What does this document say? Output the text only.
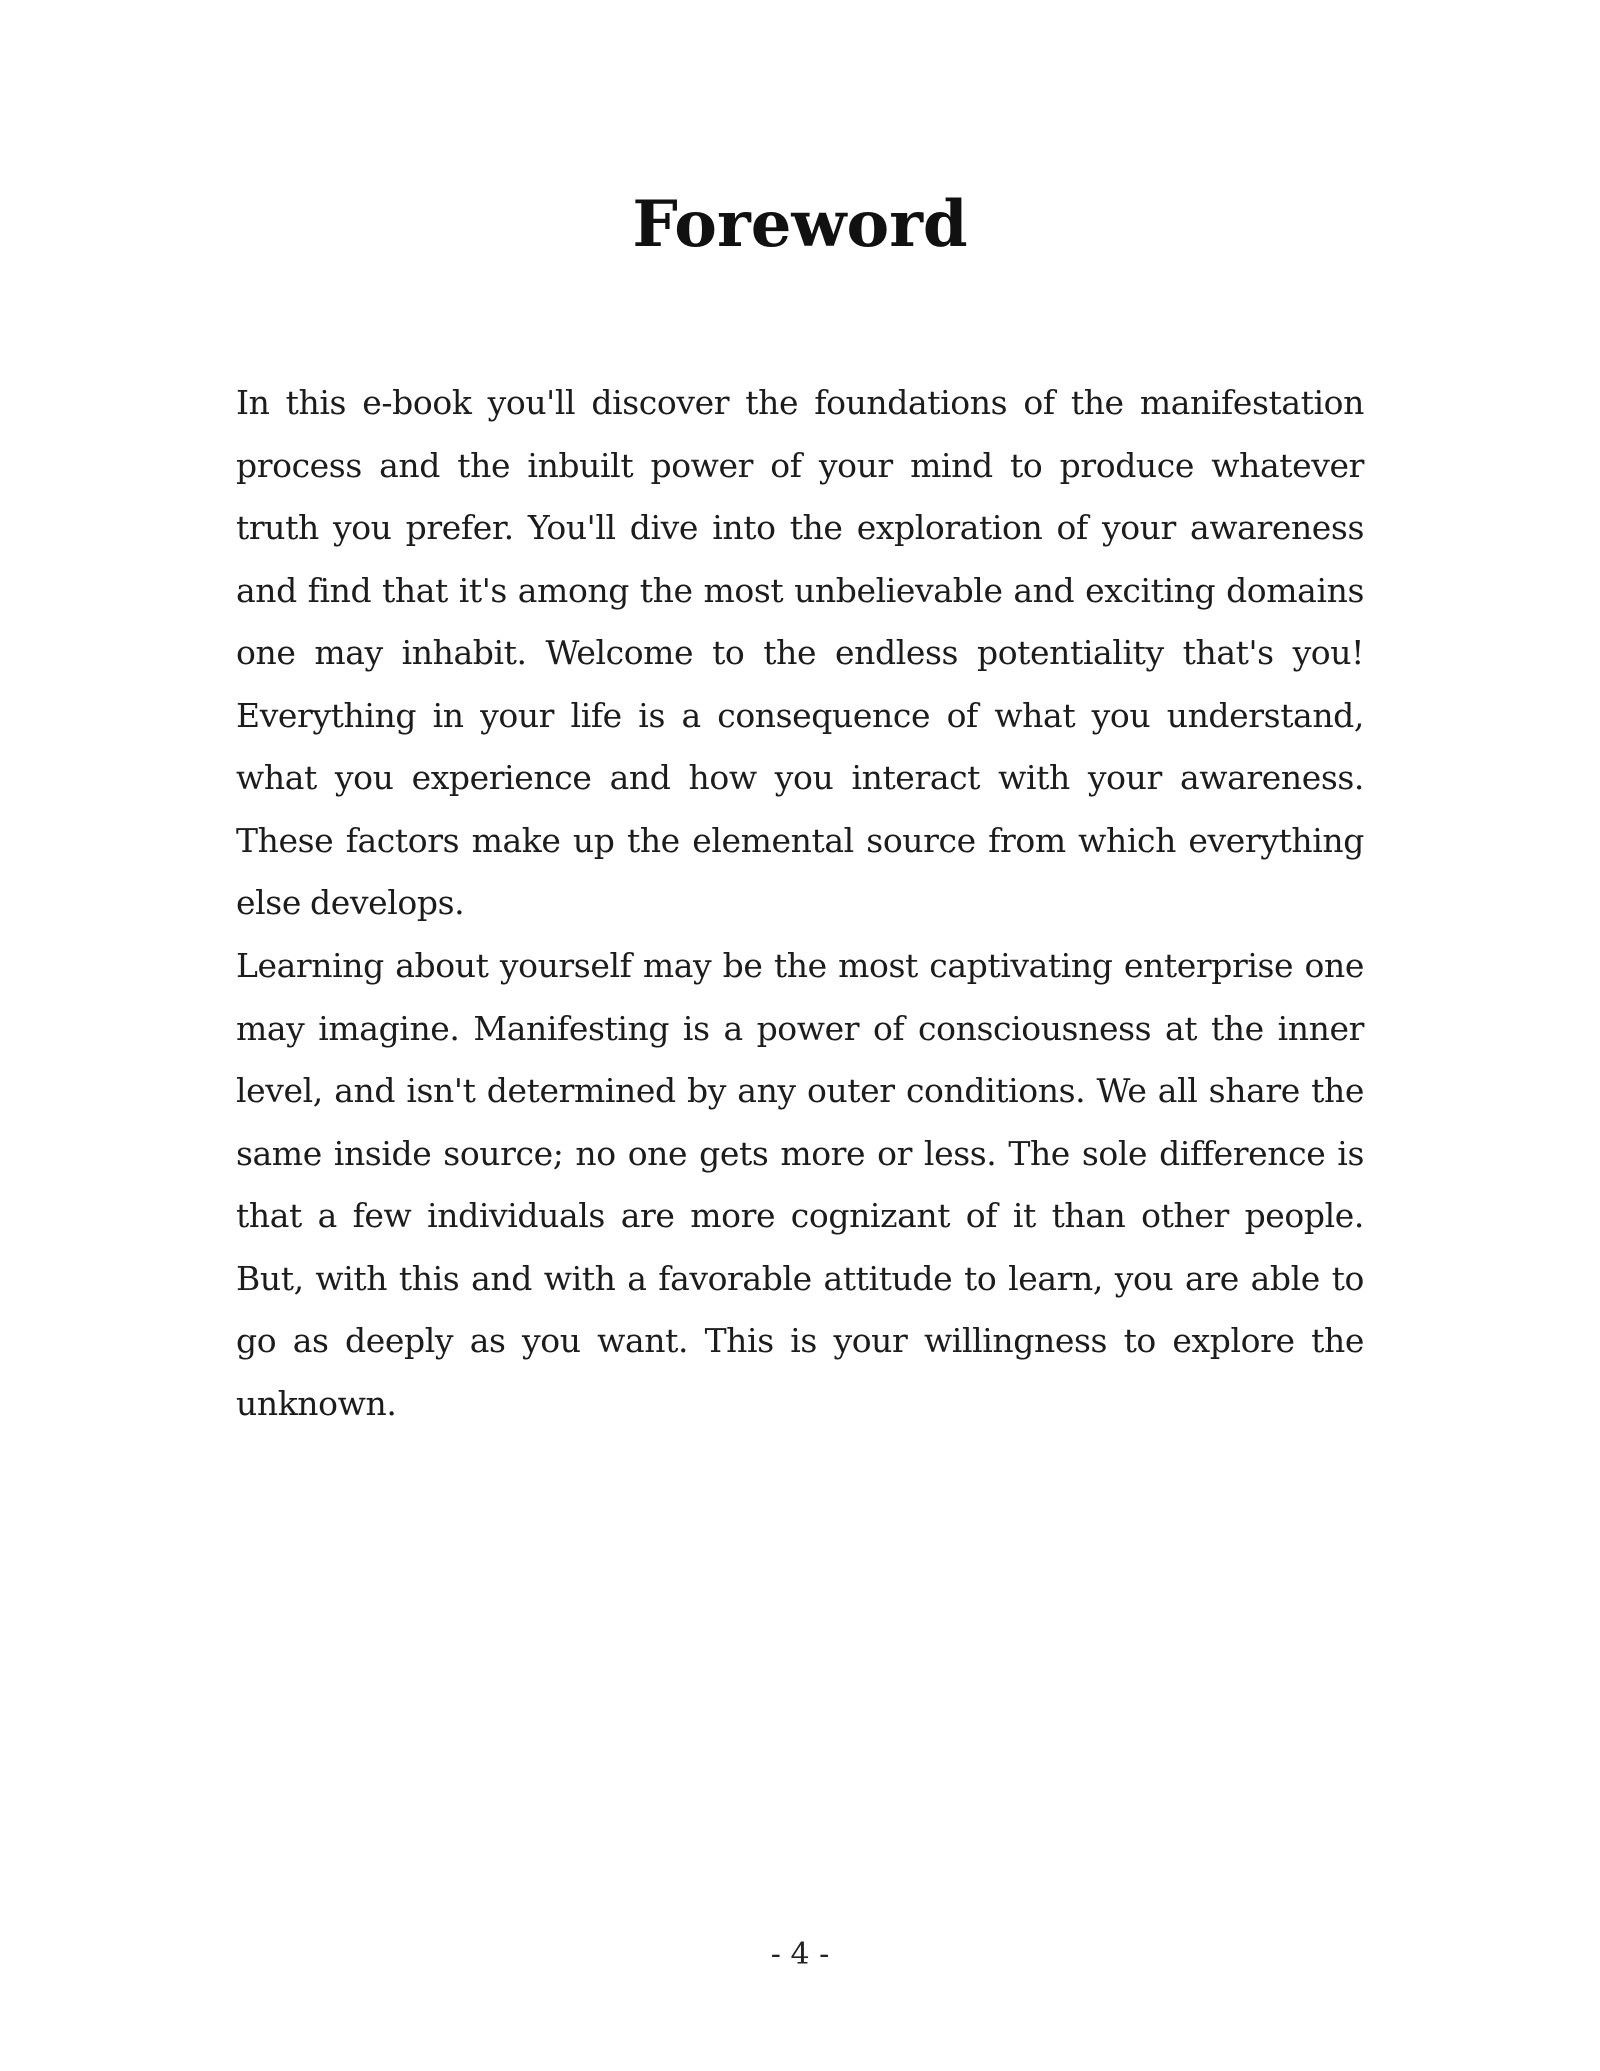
Foreword

In this e-book you'll discover the foundations of the manifestation process and the inbuilt power of your mind to produce whatever truth you prefer. You'll dive into the exploration of your awareness and find that it's among the most unbelievable and exciting domains one may inhabit. Welcome to the endless potentiality that's you! Everything in your life is a consequence of what you understand, what you experience and how you interact with your awareness. These factors make up the elemental source from which everything else develops.

Learning about yourself may be the most captivating enterprise one may imagine. Manifesting is a power of consciousness at the inner level, and isn't determined by any outer conditions. We all share the same inside source; no one gets more or less. The sole difference is that a few individuals are more cognizant of it than other people. But, with this and with a favorable attitude to learn, you are able to go as deeply as you want. This is your willingness to explore the unknown.

- 4 -
